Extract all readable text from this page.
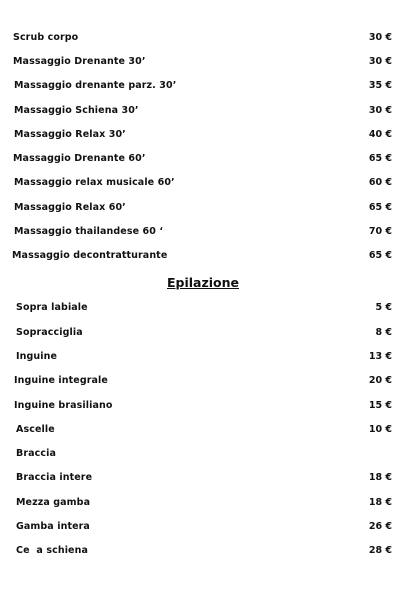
Scrub corpo	30 €
Massaggio Drenante 30’	30 €
Massaggio drenante parz. 30’	35 €
Massaggio Schiena 30’	30 €
Massaggio Relax 30’	40 €
Massaggio Drenante 60’	65 €
Massaggio relax musicale 60’	60 €
Massaggio Relax 60’	65 €
Massaggio thailandese 60 ‘	70 €
Massaggio decontratturante	65 €
Epilazione
Sopra labiale	5 €
Sopracciglia	8 €
Inguine	13 €
Inguine integrale	20 €
Inguine brasiliano	15 €
Ascelle	10 €
Braccia
Braccia intere	18 €
Mezza gamba	18 €
Gamba intera	26 €
Ce  a schiena	28 €
